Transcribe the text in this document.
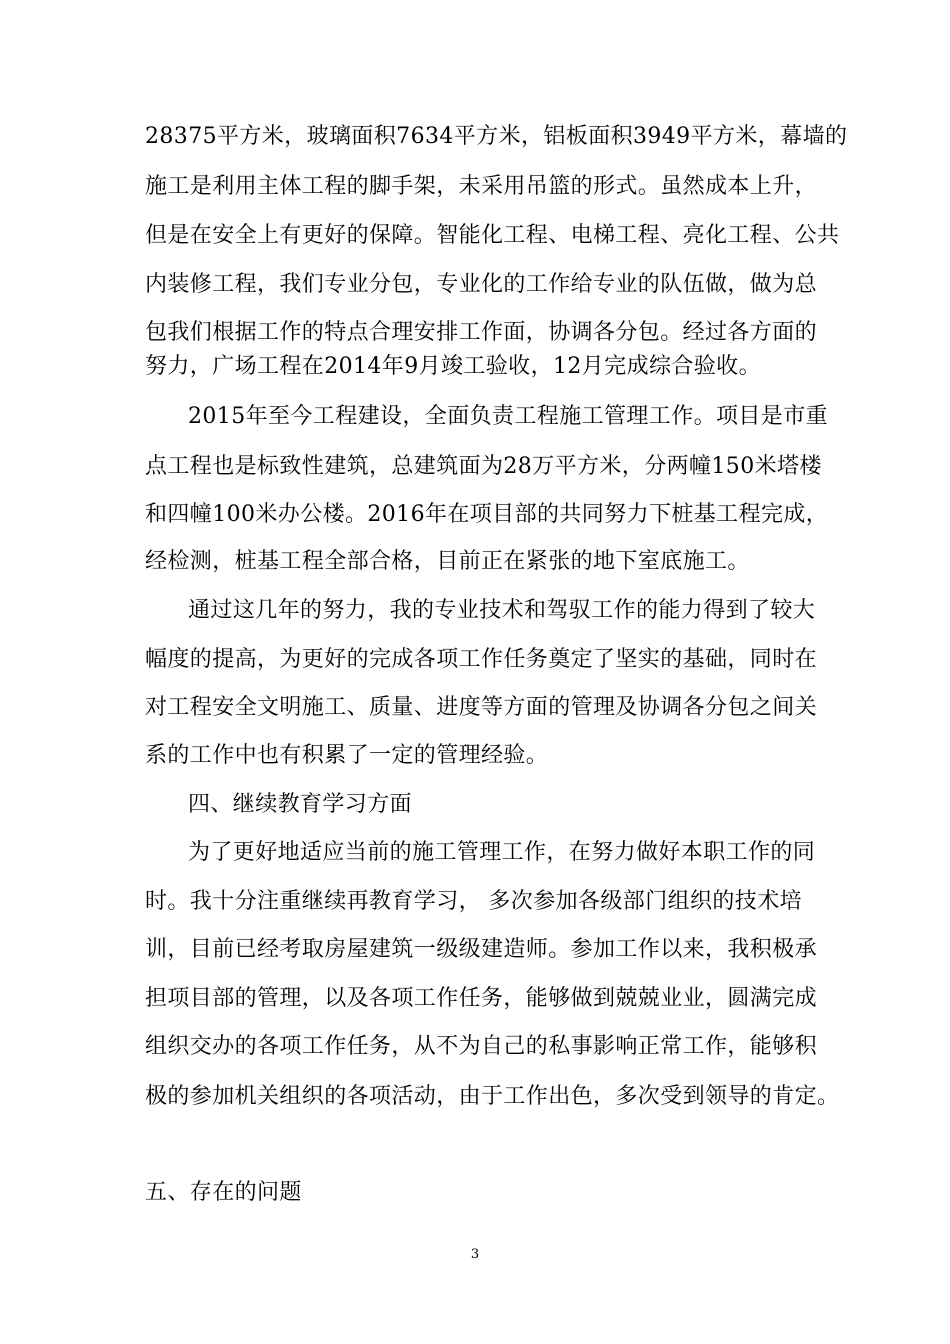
28375平方米，玻璃面积7634平方米，铝板面积3949平方米，幕墙的
施工是利用主体工程的脚手架，未采用吊篮的形式。虽然成本上升，
但是在安全上有更好的保障。智能化工程、电梯工程、亮化工程、公共
内装修工程，我们专业分包，专业化的工作给专业的队伍做，做为总
包我们根据工作的特点合理安排工作面，协调各分包。经过各方面的
努力，广场工程在2014年9月竣工验收，12月完成综合验收。
2015年至今工程建设，全面负责工程施工管理工作。项目是市重
点工程也是标致性建筑，总建筑面为28万平方米，分两幢150米塔楼
和四幢100米办公楼。2016年在项目部的共同努力下桩基工程完成，
经检测，桩基工程全部合格，目前正在紧张的地下室底施工。
通过这几年的努力，我的专业技术和驾驭工作的能力得到了较大
幅度的提高，为更好的完成各项工作任务奠定了坚实的基础，同时在
对工程安全文明施工、质量、进度等方面的管理及协调各分包之间关
系的工作中也有积累了一定的管理经验。
四、继续教育学习方面
为了更好地适应当前的施工管理工作，在努力做好本职工作的同
时。我十分注重继续再教育学习， 多次参加各级部门组织的技术培
训，目前已经考取房屋建筑一级级建造师。参加工作以来，我积极承
担项目部的管理，以及各项工作任务，能够做到兢兢业业，圆满完成
组织交办的各项工作任务，从不为自己的私事影响正常工作，能够积
极的参加机关组织的各项活动，由于工作出色，多次受到领导的肯定。
五、存在的问题
3
